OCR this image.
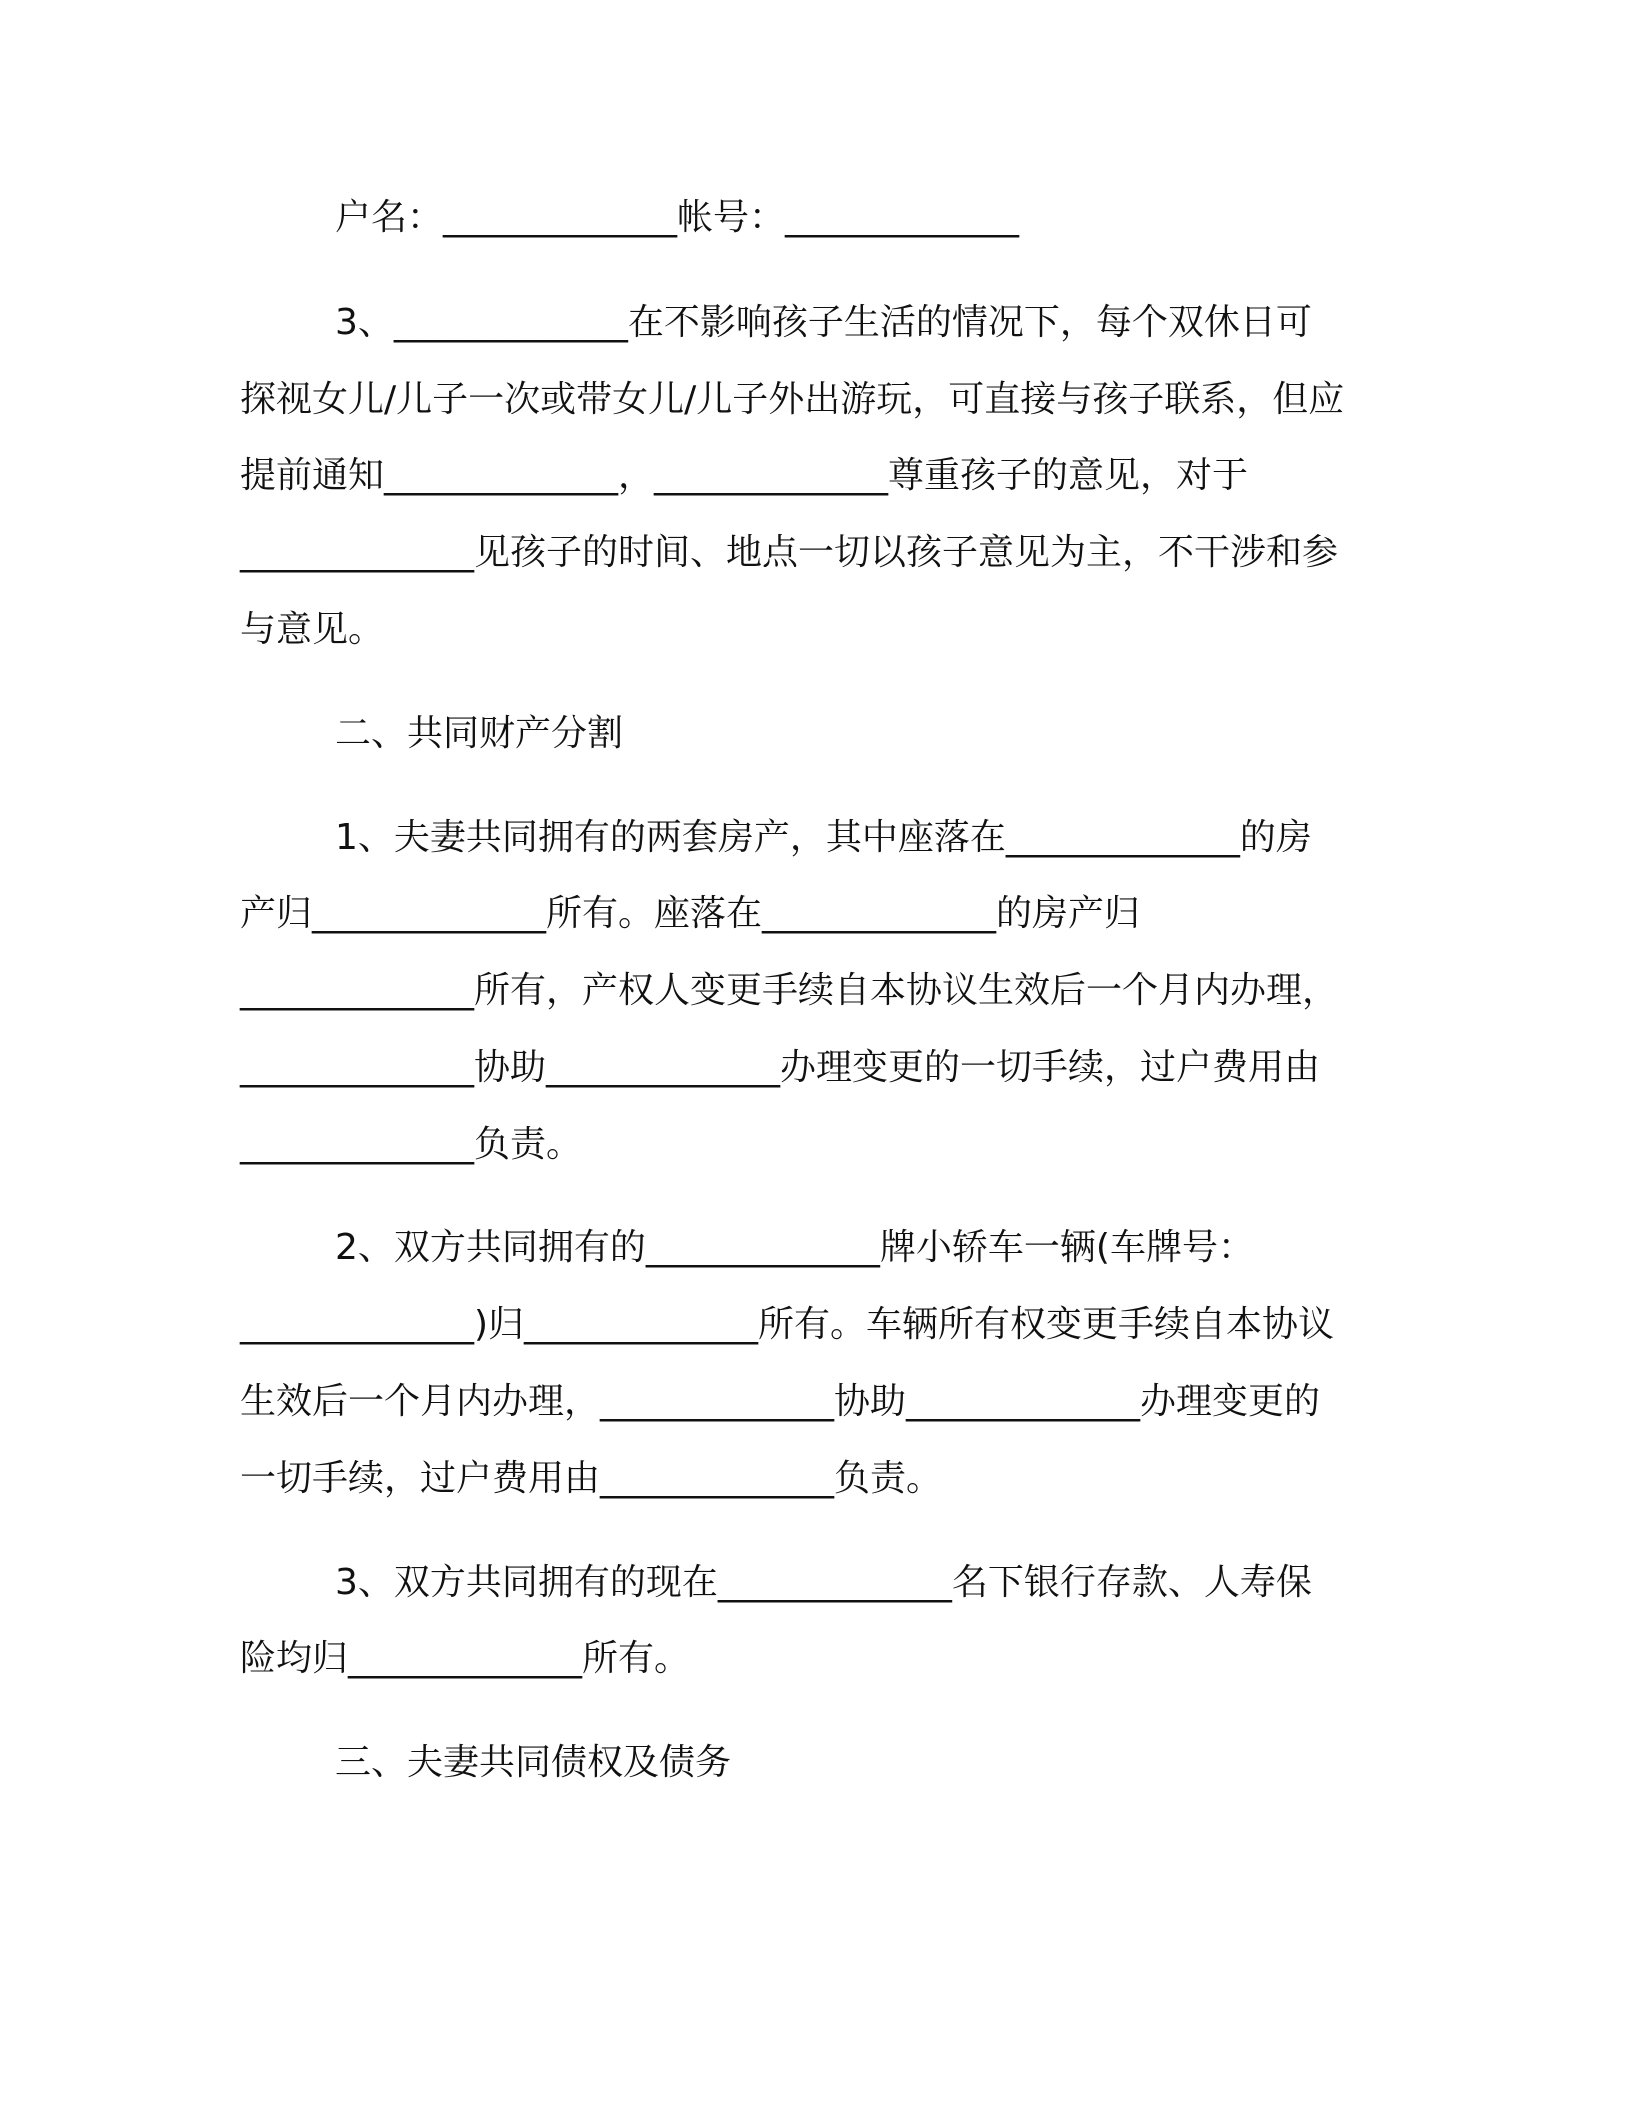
户名：_____________帐号：_____________
3、_____________在不影响孩子生活的情况下，每个双休日可
探视女儿/儿子一次或带女儿/儿子外出游玩，可直接与孩子联系，但应
提前通知_____________，_____________尊重孩子的意见，对于
_____________见孩子的时间、地点一切以孩子意见为主，不干涉和参
与意见。
二、共同财产分割
1、夫妻共同拥有的两套房产，其中座落在_____________的房
产归_____________所有。座落在_____________的房产归
_____________所有，产权人变更手续自本协议生效后一个月内办理，
_____________协助_____________办理变更的一切手续，过户费用由
_____________负责。
2、双方共同拥有的_____________牌小轿车一辆(车牌号：
_____________)归_____________所有。车辆所有权变更手续自本协议
生效后一个月内办理，_____________协助_____________办理变更的
一切手续，过户费用由_____________负责。
3、双方共同拥有的现在_____________名下银行存款、人寿保
险均归_____________所有。
三、夫妻共同债权及债务
